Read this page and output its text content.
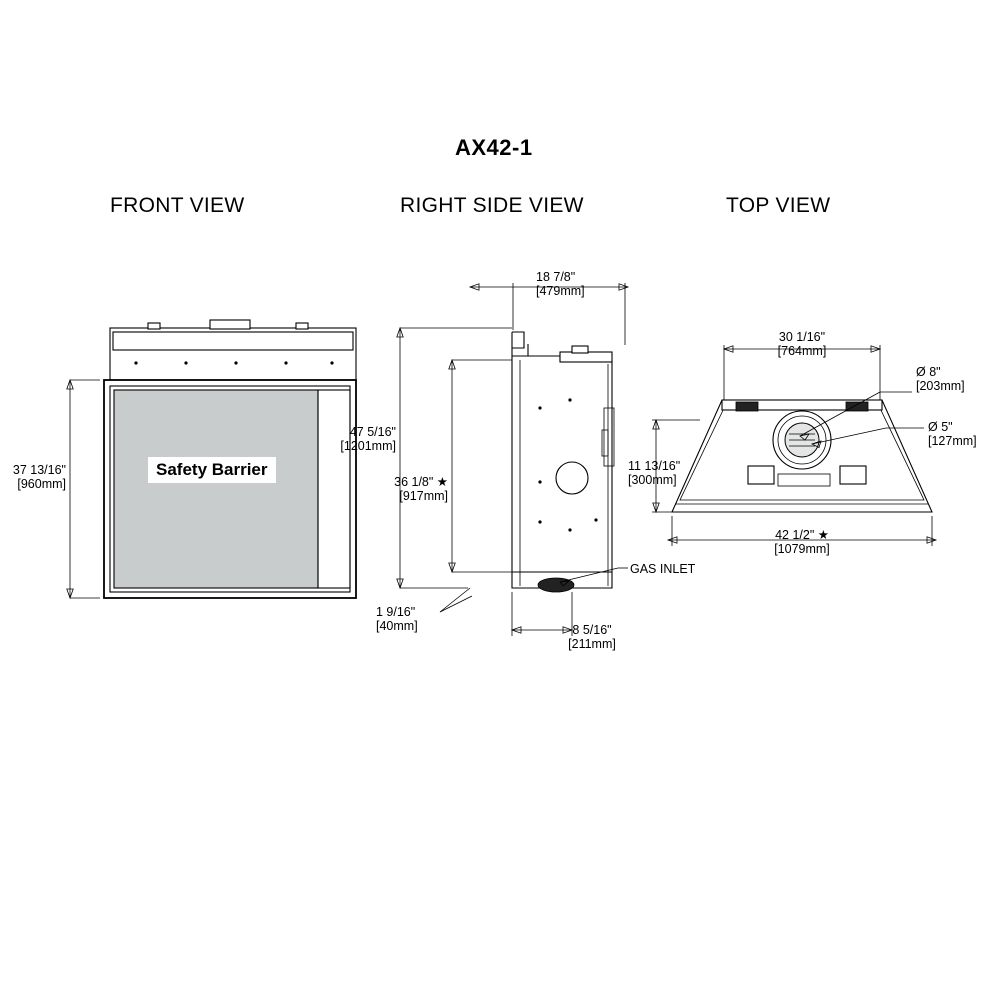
AX42-1
FRONT VIEW	RIGHT SIDE VIEW	TOP VIEW
37 13/16"
[960mm]
Safety Barrier
18 7/8"
[479mm]
47 5/16"
[1201mm]
36 1/8" ★
[917mm]
1 9/16"
[40mm]	8 5/16"
[211mm]
GAS INLET
30 1/16"
[764mm]
Ø 8"
[203mm]
Ø 5"
[127mm]
11 13/16"
[300mm]
42 1/2" ★
[1079mm]
